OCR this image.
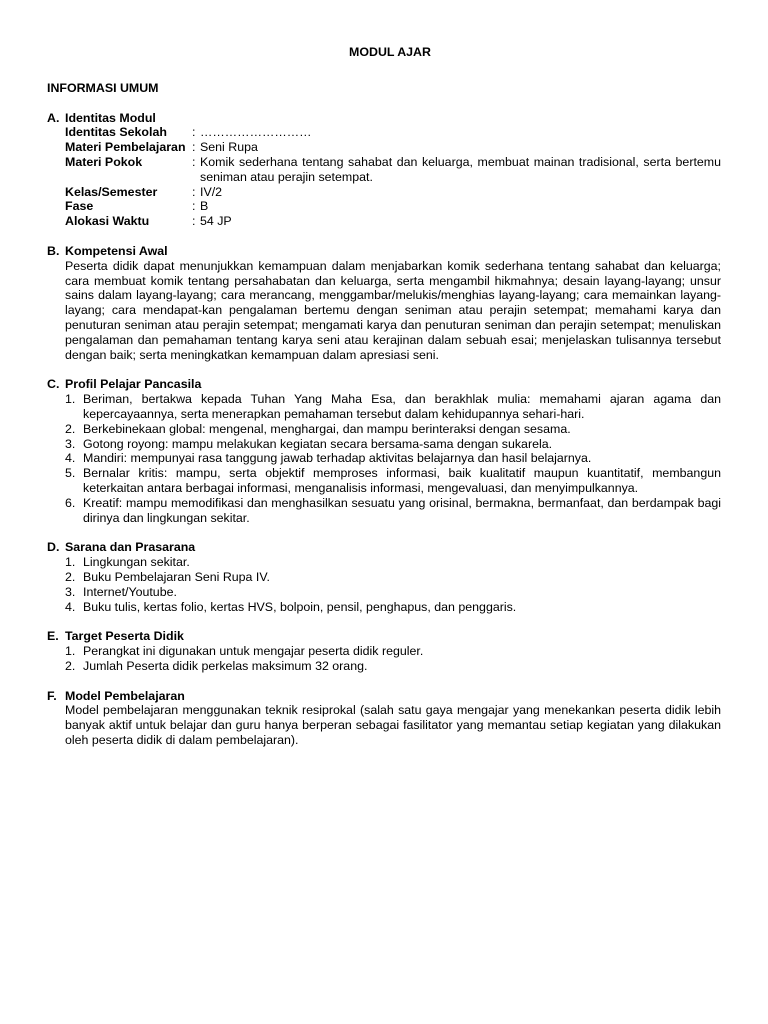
MODUL AJAR
INFORMASI UMUM
A. Identitas Modul
Identitas Sekolah	: ………………………
Materi Pembelajaran : Seni Rupa
Materi Pokok	: Komik sederhana tentang sahabat dan keluarga, membuat mainan tradisional, serta bertemu seniman atau perajin setempat.
Kelas/Semester	: IV/2
Fase	: B
Alokasi Waktu	: 54 JP
B. Kompetensi Awal
Peserta didik dapat menunjukkan kemampuan dalam menjabarkan komik sederhana tentang sahabat dan keluarga; cara membuat komik tentang persahabatan dan keluarga, serta mengambil hikmahnya; desain layang-layang; unsur sains dalam layang-layang; cara merancang, menggambar/melukis/menghias layang-layang; cara memainkan layang-layang; cara mendapat-kan pengalaman bertemu dengan seniman atau perajin setempat; memahami karya dan penuturan seniman atau perajin setempat; mengamati karya dan penuturan seniman dan perajin setempat; menuliskan pengalaman dan pemahaman tentang karya seni atau kerajinan dalam sebuah esai; menjelaskan tulisannya tersebut dengan baik; serta meningkatkan kemampuan dalam apresiasi seni.
C. Profil Pelajar Pancasila
1. Beriman, bertakwa kepada Tuhan Yang Maha Esa, dan berakhlak mulia: memahami ajaran agama dan kepercayaannya, serta menerapkan pemahaman tersebut dalam kehidupannya sehari-hari.
2. Berkebinekaan global: mengenal, menghargai, dan mampu berinteraksi dengan sesama.
3. Gotong royong: mampu melakukan kegiatan secara bersama-sama dengan sukarela.
4. Mandiri: mempunyai rasa tanggung jawab terhadap aktivitas belajarnya dan hasil belajarnya.
5. Bernalar kritis: mampu, serta objektif memproses informasi, baik kualitatif maupun kuantitatif, membangun keterkaitan antara berbagai informasi, menganalisis informasi, mengevaluasi, dan menyimpulkannya.
6. Kreatif: mampu memodifikasi dan menghasilkan sesuatu yang orisinal, bermakna, bermanfaat, dan berdampak bagi dirinya dan lingkungan sekitar.
D. Sarana dan Prasarana
1. Lingkungan sekitar.
2. Buku Pembelajaran Seni Rupa IV.
3. Internet/Youtube.
4. Buku tulis, kertas folio, kertas HVS, bolpoin, pensil, penghapus, dan penggaris.
E. Target Peserta Didik
1. Perangkat ini digunakan untuk mengajar peserta didik reguler.
2. Jumlah Peserta didik perkelas maksimum 32 orang.
F. Model Pembelajaran
Model pembelajaran menggunakan teknik resiprokal (salah satu gaya mengajar yang menekankan peserta didik lebih banyak aktif untuk belajar dan guru hanya berperan sebagai fasilitator yang memantau setiap kegiatan yang dilakukan oleh peserta didik di dalam pembelajaran).
